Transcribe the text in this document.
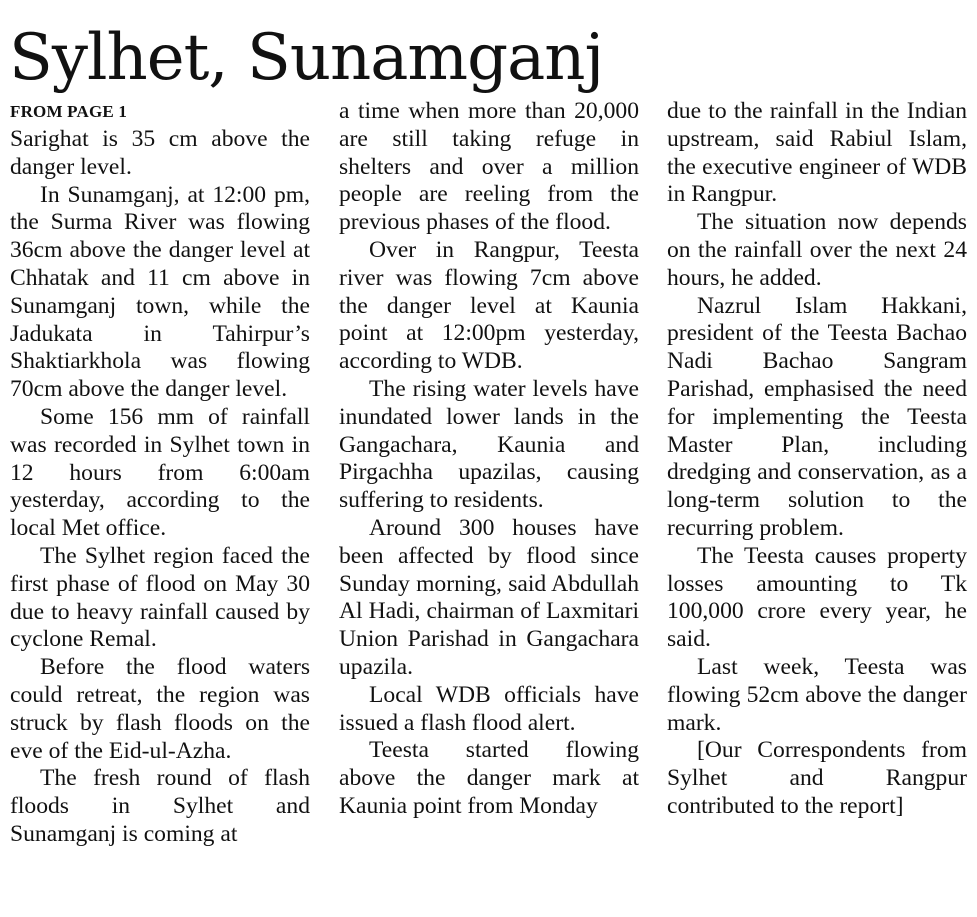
Sylhet, Sunamganj
FROM PAGE 1

Sarighat is 35 cm above the danger level.

In Sunamganj, at 12:00 pm, the Surma River was flowing 36cm above the danger level at Chhatak and 11 cm above in Sunamganj town, while the Jadukata in Tahirpur’s Shaktiarkhola was flowing 70cm above the danger level.

Some 156 mm of rainfall was recorded in Sylhet town in 12 hours from 6:00am yesterday, according to the local Met office.

The Sylhet region faced the first phase of flood on May 30 due to heavy rainfall caused by cyclone Remal.

Before the flood waters could retreat, the region was struck by flash floods on the eve of the Eid-ul-Azha.

The fresh round of flash floods in Sylhet and Sunamganj is coming at

a time when more than 20,000 are still taking refuge in shelters and over a million people are reeling from the previous phases of the flood.

Over in Rangpur, Teesta river was flowing 7cm above the danger level at Kaunia point at 12:00pm yesterday, according to WDB.

The rising water levels have inundated lower lands in the Gangachara, Kaunia and Pirgachha upazilas, causing suffering to residents.

Around 300 houses have been affected by flood since Sunday morning, said Abdullah Al Hadi, chairman of Laxmitari Union Parishad in Gangachara upazila.

Local WDB officials have issued a flash flood alert.

Teesta started flowing above the danger mark at Kaunia point from Monday

due to the rainfall in the Indian upstream, said Rabiul Islam, the executive engineer of WDB in Rangpur.

The situation now depends on the rainfall over the next 24 hours, he added.

Nazrul Islam Hakkani, president of the Teesta Bachao Nadi Bachao Sangram Parishad, emphasised the need for implementing the Teesta Master Plan, including dredging and conservation, as a long-term solution to the recurring problem.

The Teesta causes property losses amounting to Tk 100,000 crore every year, he said.

Last week, Teesta was flowing 52cm above the danger mark.

[Our Correspondents from Sylhet and Rangpur contributed to the report]
